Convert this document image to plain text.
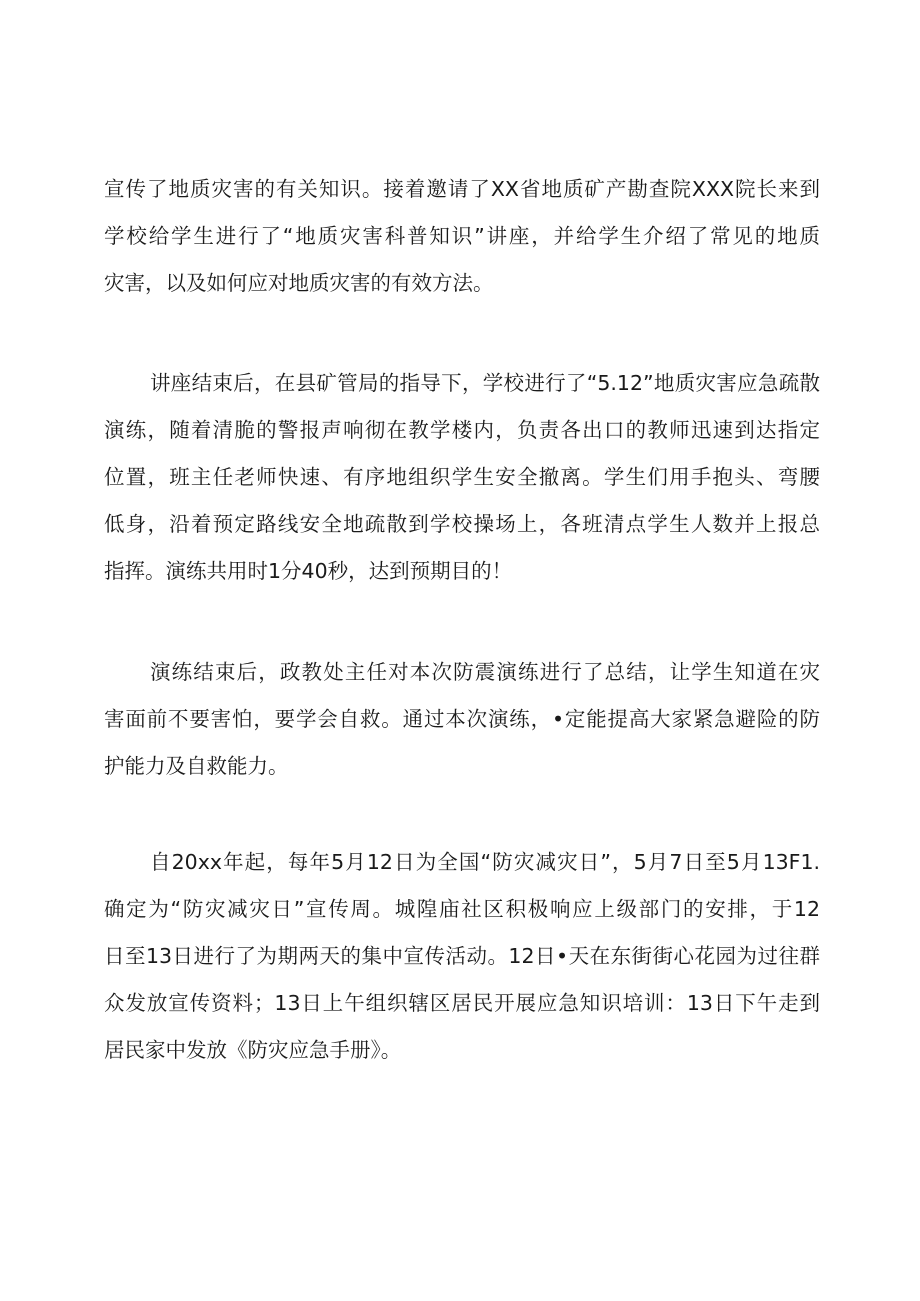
宣传了地质灾害的有关知识。接着邀请了XX省地质矿产勘查院XXX院长来到
学校给学生进行了“地质灾害科普知识”讲座，并给学生介绍了常见的地质
灾害，以及如何应对地质灾害的有效方法。
讲座结束后，在县矿管局的指导下，学校进行了“5.12”地质灾害应急疏散
演练，随着清脆的警报声响彻在教学楼内，负责各出口的教师迅速到达指定
位置，班主任老师快速、有序地组织学生安全撤离。学生们用手抱头、弯腰
低身，沿着预定路线安全地疏散到学校操场上，各班清点学生人数并上报总
指挥。演练共用时1分40秒，达到预期目的！
演练结束后，政教处主任对本次防震演练进行了总结，让学生知道在灾
害面前不要害怕，要学会自救。通过本次演练，•定能提高大家紧急避险的防
护能力及自救能力。
自20xx年起，每年5月12日为全国“防灾减灾日”，5月7日至5月13F1.
确定为“防灾减灾日”宣传周。城隍庙社区积极响应上级部门的安排，于12
日至13日进行了为期两天的集中宣传活动。12日•天在东街街心花园为过往群
众发放宣传资料；13日上午组织辖区居民开展应急知识培训：13日下午走到
居民家中发放《防灾应急手册》。
